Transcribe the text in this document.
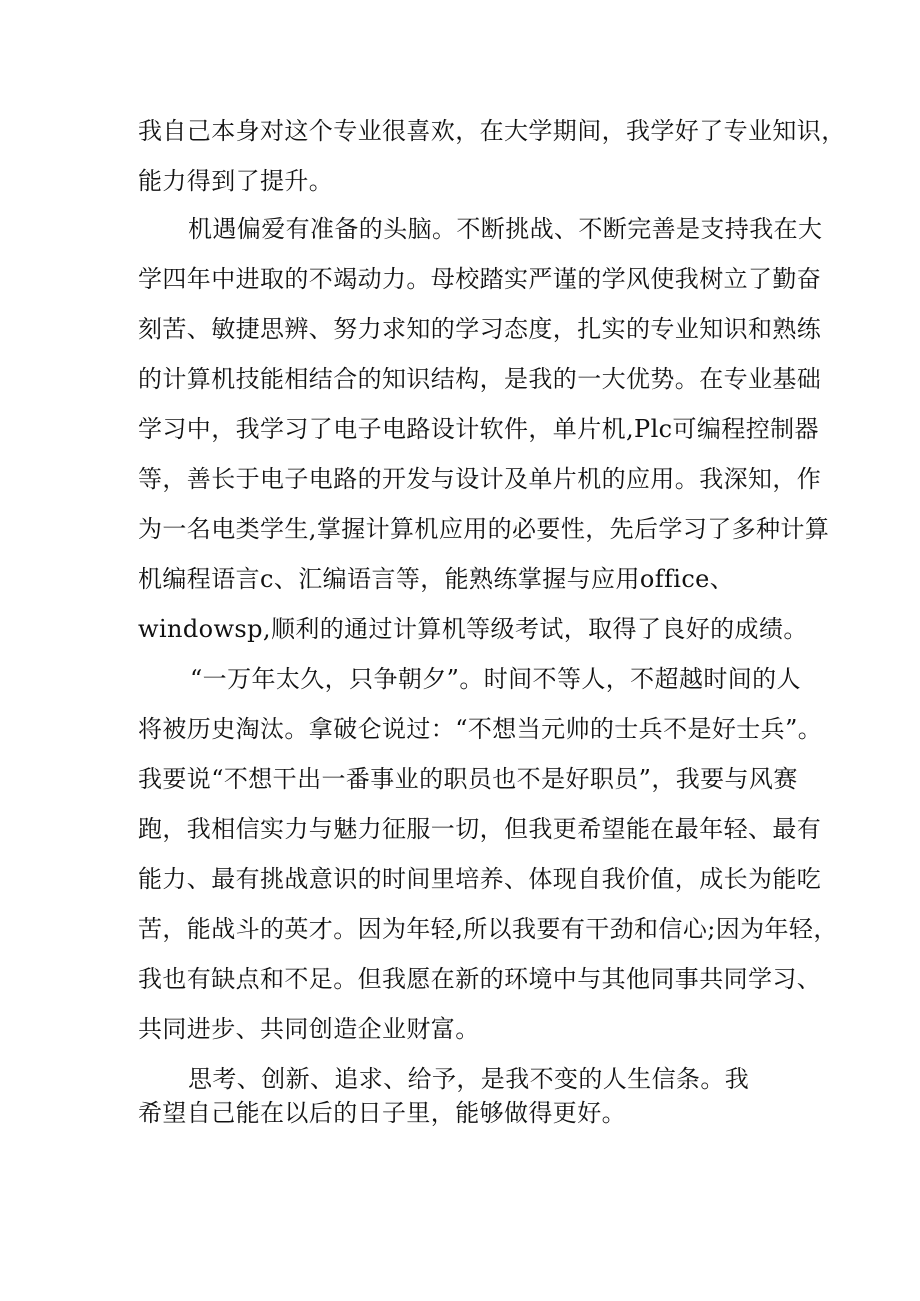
我自己本身对这个专业很喜欢，在大学期间，我学好了专业知识，
能力得到了提升。
机遇偏爱有准备的头脑。不断挑战、不断完善是支持我在大
学四年中进取的不竭动力。母校踏实严谨的学风使我树立了勤奋
刻苦、敏捷思辨、努力求知的学习态度，扎实的专业知识和熟练
的计算机技能相结合的知识结构，是我的一大优势。在专业基础
学习中，我学习了电子电路设计软件，单片机,Plc可编程控制器
等，善长于电子电路的开发与设计及单片机的应用。我深知，作
为一名电类学生,掌握计算机应用的必要性，先后学习了多种计算
机编程语言c、汇编语言等，能熟练掌握与应用office、
windowsp,顺利的通过计算机等级考试，取得了良好的成绩。
“一万年太久，只争朝夕”。时间不等人，不超越时间的人
将被历史淘汰。拿破仑说过：“不想当元帅的士兵不是好士兵”。
我要说“不想干出一番事业的职员也不是好职员”，我要与风赛
跑，我相信实力与魅力征服一切，但我更希望能在最年轻、最有
能力、最有挑战意识的时间里培养、体现自我价值，成长为能吃
苦，能战斗的英才。因为年轻,所以我要有干劲和信心;因为年轻，
我也有缺点和不足。但我愿在新的环境中与其他同事共同学习、
共同进步、共同创造企业财富。
思考、创新、追求、给予，是我不变的人生信条。我
希望自己能在以后的日子里，能够做得更好。
